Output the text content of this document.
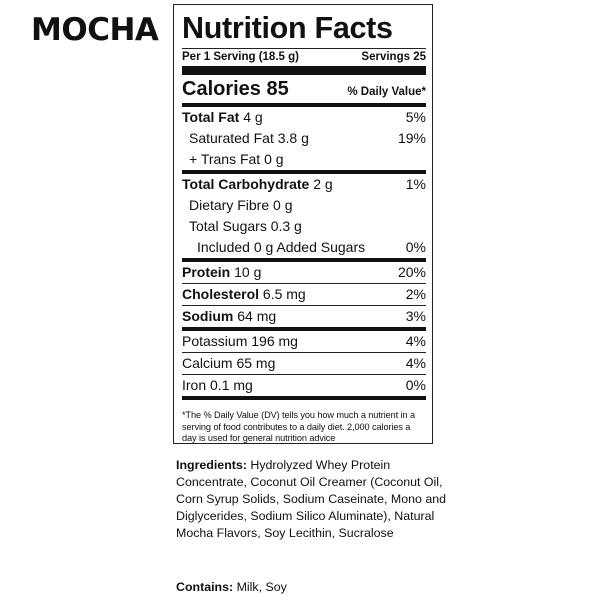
MOCHA Nutrition Facts
Per 1 Serving (18.5 g)	Servings 25
Calories 85	% Daily Value*
Total Fat 4 g	5%
Saturated Fat 3.8 g	19%
+ Trans Fat 0 g
Total Carbohydrate 2 g	1%
Dietary Fibre 0 g
Total Sugars 0.3 g
Included 0 g Added Sugars	0%
Protein 10 g	20%
Cholesterol 6.5 mg	2%
Sodium 64 mg	3%
Potassium 196 mg	4%
Calcium 65 mg	4%
Iron 0.1 mg	0%
*The % Daily Value (DV) tells you how much a nutrient in a serving of food contributes to a daily diet. 2,000 calories a day is used for general nutrition advice
Ingredients: Hydrolyzed Whey Protein Concentrate, Coconut Oil Creamer (Coconut Oil, Corn Syrup Solids, Sodium Caseinate, Mono and Diglycerides, Sodium Silico Aluminate), Natural Mocha Flavors, Soy Lecithin, Sucralose
Contains: Milk, Soy
